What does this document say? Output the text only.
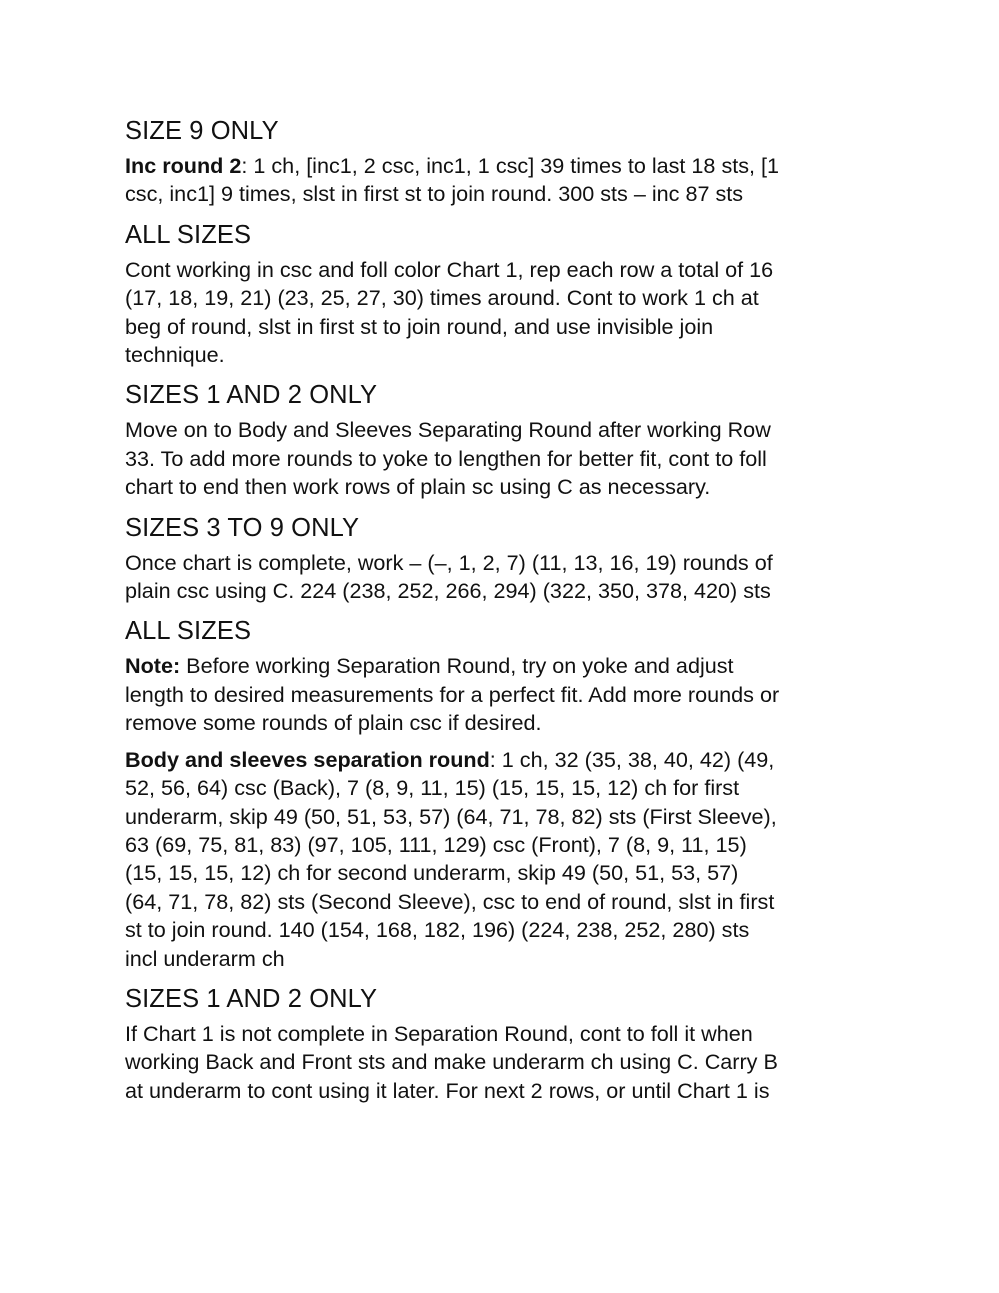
SIZE 9 ONLY

Inc round 2: 1 ch, [inc1, 2 csc, inc1, 1 csc] 39 times to last 18 sts, [1
csc, inc1] 9 times, slst in first st to join round. 300 sts – inc 87 sts

ALL SIZES

Cont working in csc and foll color Chart 1, rep each row a total of 16
(17, 18, 19, 21) (23, 25, 27, 30) times around. Cont to work 1 ch at
beg of round, slst in first st to join round, and use invisible join
technique.

SIZES 1 AND 2 ONLY

Move on to Body and Sleeves Separating Round after working Row
33. To add more rounds to yoke to lengthen for better fit, cont to foll
chart to end then work rows of plain sc using C as necessary.

SIZES 3 TO 9 ONLY

Once chart is complete, work – (–, 1, 2, 7) (11, 13, 16, 19) rounds of
plain csc using C. 224 (238, 252, 266, 294) (322, 350, 378, 420) sts

ALL SIZES

Note: Before working Separation Round, try on yoke and adjust
length to desired measurements for a perfect fit. Add more rounds or
remove some rounds of plain csc if desired.

Body and sleeves separation round: 1 ch, 32 (35, 38, 40, 42) (49,
52, 56, 64) csc (Back), 7 (8, 9, 11, 15) (15, 15, 15, 12) ch for first
underarm, skip 49 (50, 51, 53, 57) (64, 71, 78, 82) sts (First Sleeve),
63 (69, 75, 81, 83) (97, 105, 111, 129) csc (Front), 7 (8, 9, 11, 15)
(15, 15, 15, 12) ch for second underarm, skip 49 (50, 51, 53, 57)
(64, 71, 78, 82) sts (Second Sleeve), csc to end of round, slst in first
st to join round. 140 (154, 168, 182, 196) (224, 238, 252, 280) sts
incl underarm ch

SIZES 1 AND 2 ONLY

If Chart 1 is not complete in Separation Round, cont to foll it when
working Back and Front sts and make underarm ch using C. Carry B
at underarm to cont using it later. For next 2 rows, or until Chart 1 is
